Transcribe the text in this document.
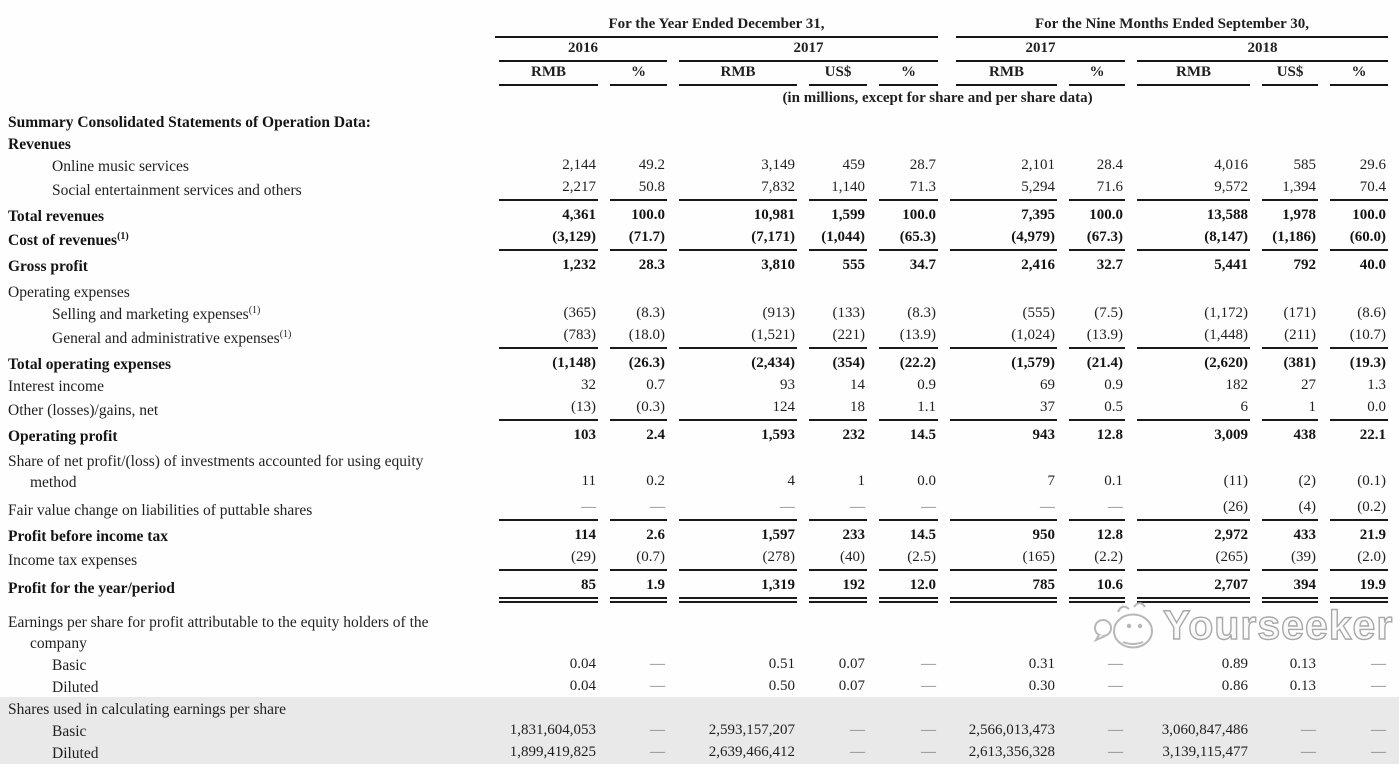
	For the Year Ended December 31,					For the Nine Months Ended September 30,				

	2016		2017			2017		2018		

	RMB	%	RMB	US$	%	RMB	%	RMB	US$	%

	(in millions, except for share and per share data)									

Summary Consolidated Statements of Operation Data:										

Revenues										

Online music services	2,144	49.2	3,149	459	28.7	2,101	28.4	4,016	585	29.6

Social entertainment services and others	2,217	50.8	7,832	1,140	71.3	5,294	71.6	9,572	1,394	70.4

Total revenues	4,361	100.0	10,981	1,599	100.0	7,395	100.0	13,588	1,978	100.0

Cost of revenues$^{(1)}$	(3,129)	(71.7)	(7,171)	(1,044)	(65.3)	(4,979)	(67.3)	(8,147)	(1,186)	(60.0)

Gross profit	1,232	28.3	3,810	555	34.7	2,416	32.7	5,441	792	40.0

Operating expenses										

Selling and marketing expenses$^{(1)}$	(365)	(8.3)	(913)	(133)	(8.3)	(555)	(7.5)	(1,172)	(171)	(8.6)

General and administrative expenses$^{(1)}$	(783)	(18.0)	(1,521)	(221)	(13.9)	(1,024)	(13.9)	(1,448)	(211)	(10.7)

Total operating expenses	(1,148)	(26.3)	(2,434)	(354)	(22.2)	(1,579)	(21.4)	(2,620)	(381)	(19.3)

Interest income	32	0.7	93	14	0.9	69	0.9	182	27	1.3

Other (losses)/gains, net	(13)	(0.3)	124	18	1.1	37	0.5	6	1	0.0

Operating profit	103	2.4	1,593	232	14.5	943	12.8	3,009	438	22.1

Share of net profit/(loss) of investments accounted for using equity
method	11	0.2	4	1	0.0	7	0.1	(11)	(2)	(0.1)

Fair value change on liabilities of puttable shares	—	—	—	—	—	—	—	(26)	(4)	(0.2)

Profit before income tax	114	2.6	1,597	233	14.5	950	12.8	2,972	433	21.9

Income tax expenses	(29)	(0.7)	(278)	(40)	(2.5)	(165)	(2.2)	(265)	(39)	(2.0)

Profit for the year/period	85	1.9	1,319	192	12.0	785	10.6	2,707	394	19.9

Earnings per share for profit attributable to the equity holders of the
company										

Basic	0.04	—	0.51	0.07	—	0.31	—	0.89	0.13	—

Diluted	0.04	—	0.50	0.07	—	0.30	—	0.86	0.13	—

Shares used in calculating earnings per share										

Basic	1,831,604,053	—	2,593,157,207	—	—	2,566,013,473	—	3,060,847,486	—	—

Diluted	1,899,419,825	—	2,639,466,412	—	—	2,613,356,328	—	3,139,115,477	—	—
Yourseeker
